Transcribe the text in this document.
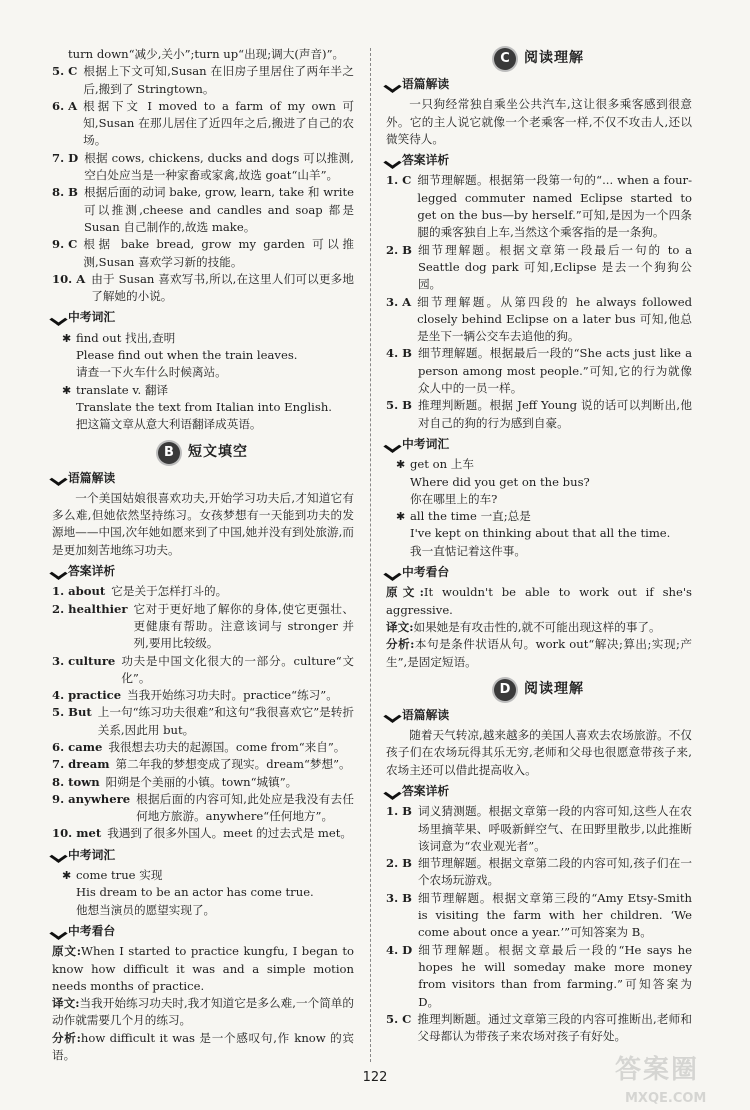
turn down“减少,关小”;turn up“出现;调大(声音)”。

5. C 根据上下文可知,Susan 在旧房子里居住了两年半之后,搬到了 Stringtown。
6. A 根据下文 I moved to a farm of my own 可知,Susan 在那儿居住了近四年之后,搬进了自己的农场。
7. D 根据 cows, chickens, ducks and dogs 可以推测,空白处应当是一种家畜或家禽,故选 goat“山羊”。
8. B 根据后面的动词 bake, grow, learn, take 和 write 可以推测,cheese and candles and soap 都是 Susan 自己制作的,故选 make。
9. C 根据 bake bread, grow my garden 可以推测,Susan 喜欢学习新的技能。
10. A 由于 Susan 喜欢写书,所以,在这里人们可以更多地了解她的小说。
中考词汇
✱ find out 找出,查明
Please find out when the train leaves.
请查一下火车什么时候离站。
✱ translate v. 翻译
Translate the text from Italian into English.
把这篇文章从意大利语翻译成英语。
B	短文填空
语篇解读

一个美国姑娘很喜欢功夫,开始学习功夫后,才知道它有多么难,但她依然坚持练习。女孩梦想有一天能到功夫的发源地——中国,次年她如愿来到了中国,她并没有到处旅游,而是更加刻苦地练习功夫。

答案详析
1. about 它是关于怎样打斗的。
2. healthier 它对于更好地了解你的身体,使它更强壮、更健康有帮助。注意该词与 stronger 并列,要用比较级。
3. culture 功夫是中国文化很大的一部分。culture“文化”。
4. practice 当我开始练习功夫时。practice“练习”。
5. But 上一句“练习功夫很难”和这句“我很喜欢它”是转折关系,因此用 but。
6. came 我很想去功夫的起源国。come from“来自”。
7. dream 第二年我的梦想变成了现实。dream“梦想”。
8. town 阳朔是个美丽的小镇。town“城镇”。
9. anywhere 根据后面的内容可知,此处应是我没有去任何地方旅游。anywhere“任何地方”。
10. met 我遇到了很多外国人。meet 的过去式是 met。
中考词汇
✱ come true 实现
His dream to be an actor has come true.
他想当演员的愿望实现了。
中考看台

原文:When I started to practice kungfu, I began to know how difficult it was and a simple motion needs months of practice.

译文:当我开始练习功夫时,我才知道它是多么难,一个简单的动作就需要几个月的练习。

分析:how difficult it was 是一个感叹句,作 know 的宾语。

C	阅读理解
语篇解读

一只狗经常独自乘坐公共汽车,这让很多乘客感到很意外。它的主人说它就像一个老乘客一样,不仅不攻击人,还以微笑待人。

答案详析
1. C 细节理解题。根据第一段第一句的“... when a four-legged commuter named Eclipse started to get on the bus—by herself.”可知,是因为一个四条腿的乘客独自上车,当然这个乘客指的是一条狗。
2. B 细节理解题。根据文章第一段最后一句的 to a Seattle dog park 可知,Eclipse 是去一个狗狗公园。
3. A 细节理解题。从第四段的 he always followed closely behind Eclipse on a later bus 可知,他总是坐下一辆公交车去追他的狗。
4. B 细节理解题。根据最后一段的“She acts just like a person among most people.”可知,它的行为就像众人中的一员一样。
5. B 推理判断题。根据 Jeff Young 说的话可以判断出,他对自己的狗的行为感到自豪。
中考词汇
✱ get on 上车
Where did you get on the bus?
你在哪里上的车?
✱ all the time 一直;总是
I've kept on thinking about that all the time.
我一直惦记着这件事。
中考看台

原文:It wouldn't be able to work out if she's aggressive.

译文:如果她是有攻击性的,就不可能出现这样的事了。

分析:本句是条件状语从句。work out“解决;算出;实现;产生”,是固定短语。

D 阅读理解
语篇解读

随着天气转凉,越来越多的美国人喜欢去农场旅游。不仅孩子们在农场玩得其乐无穷,老师和父母也很愿意带孩子来,农场主还可以借此提高收入。

答案详析
1. B 词义猜测题。根据文章第一段的内容可知,这些人在农场里摘苹果、呼吸新鲜空气、在田野里散步,以此推断该词意为“农业观光者”。
2. B 细节理解题。根据文章第二段的内容可知,孩子们在一个农场玩游戏。
3. B 细节理解题。根据文章第三段的“Amy Etsy-Smith is visiting the farm with her children. ‘We come about once a year.’”可知答案为 B。
4. D 细节理解题。根据文章最后一段的“He says he hopes he will someday make more money from visitors than from farming.”可知答案为 D。
5. C 推理判断题。通过文章第三段的内容可推断出,老师和父母都认为带孩子来农场对孩子有好处。
122	答案圈
MXQE.COM
